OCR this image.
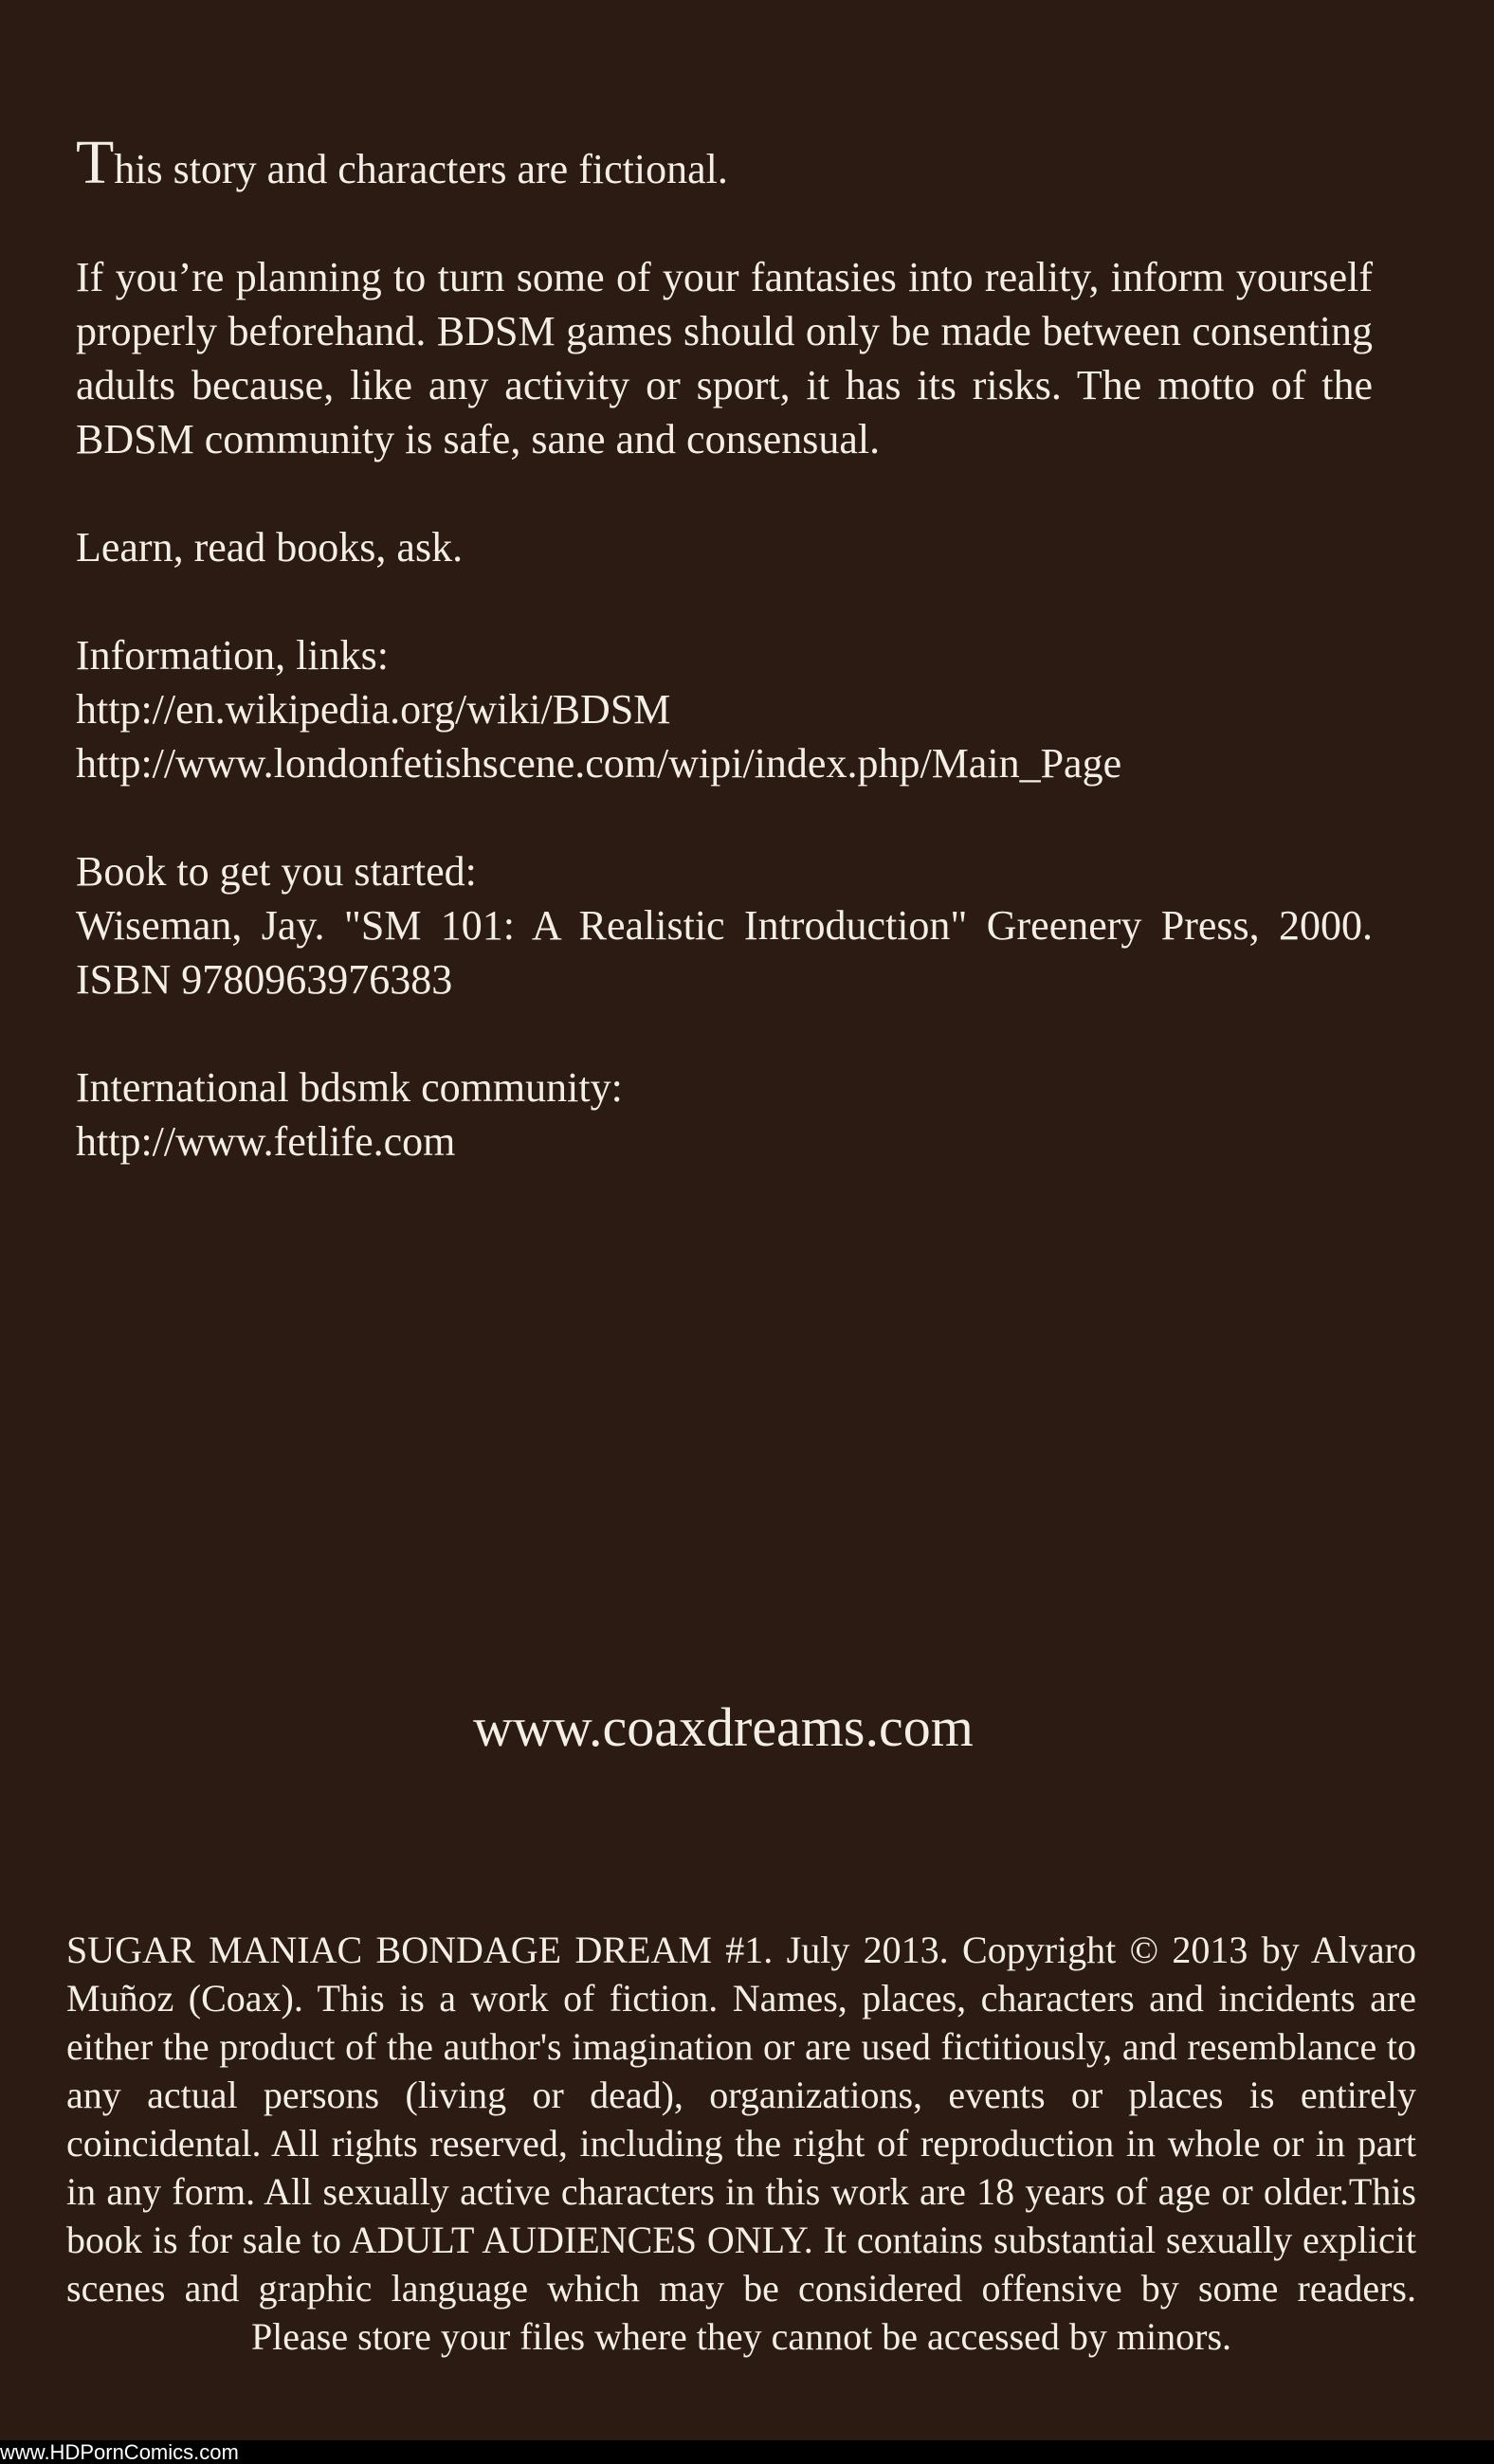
This story and characters are fictional.

If you’re planning to turn some of your fantasies into reality, inform yourself properly beforehand. BDSM games should only be made between consenting adults because, like any activity or sport, it has its risks. The motto of the BDSM community is safe, sane and consensual.

Learn, read books, ask.

Information, links:
http://en.wikipedia.org/wiki/BDSM
http://www.londonfetishscene.com/wipi/index.php/Main_Page

Book to get you started:
Wiseman, Jay. "SM 101: A Realistic Introduction" Greenery Press, 2000. ISBN 9780963976383

International bdsmk community:
http://www.fetlife.com

www.coaxdreams.com
SUGAR MANIAC BONDAGE DREAM #1. July 2013. Copyright © 2013 by Alvaro Muñoz (Coax). This is a work of fiction. Names, places, characters and incidents are either the product of the author's imagination or are used fictitiously, and resemblance to any actual persons (living or dead), organizations, events or places is entirely coincidental. All rights reserved, including the right of reproduction in whole or in part in any form. All sexually active characters in this work are 18 years of age or older.This book is for sale to ADULT AUDIENCES ONLY. It contains substantial sexually explicit scenes and graphic language which may be considered offensive by some readers. Please store your files where they cannot be accessed by minors.
www.HDPornComics.com
